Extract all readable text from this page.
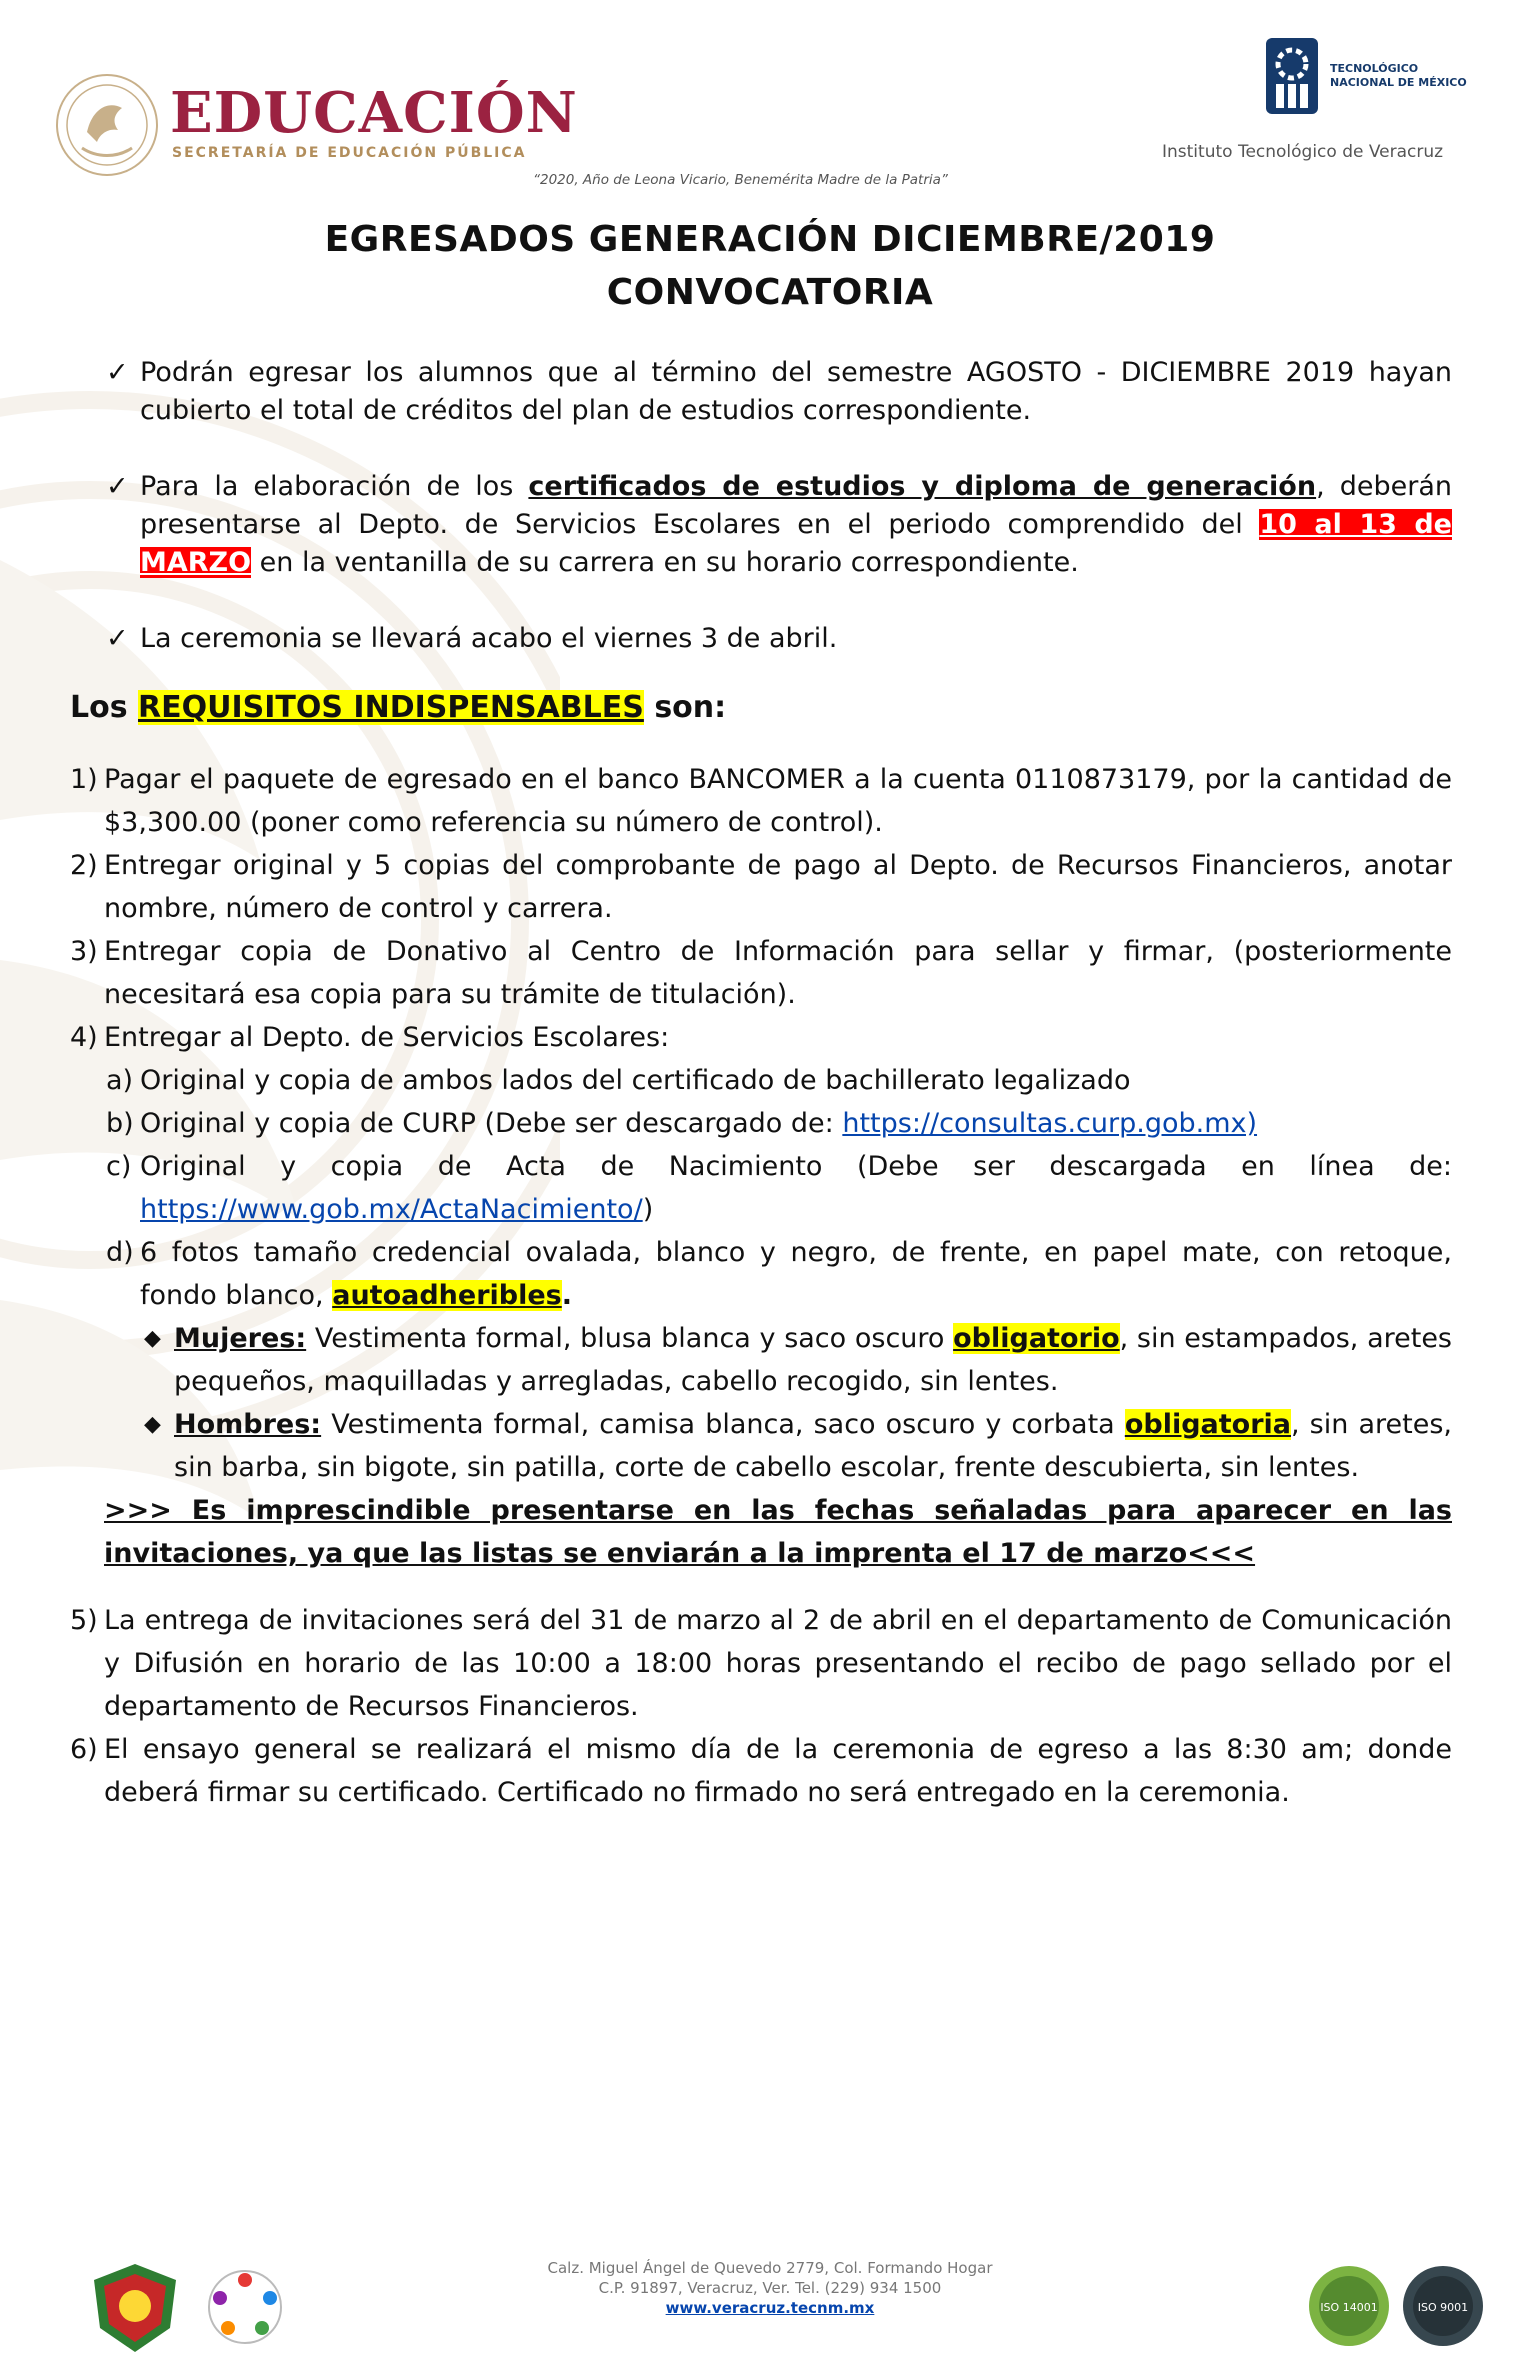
EDUCACIÓN
SECRETARÍA DE EDUCACIÓN PÚBLICA
“2020, Año de Leona Vicario, Benemérita Madre de la Patria”
TECNOLÓGICO
NACIONAL DE MÉXICO
Instituto Tecnológico de Veracruz
EGRESADOS GENERACIÓN DICIEMBRE/2019
CONVOCATORIA

✓ Podrán egresar los alumnos que al término del semestre AGOSTO - DICIEMBRE 2019 hayan cubierto el total de créditos del plan de estudios correspondiente.

✓ Para la elaboración de los certificados de estudios y diploma de generación, deberán presentarse al Depto. de Servicios Escolares en el periodo comprendido del 10 al 13 de MARZO en la ventanilla de su carrera en su horario correspondiente.

✓ La ceremonia se llevará acabo el viernes 3 de abril.

Los REQUISITOS INDISPENSABLES son:

1) Pagar el paquete de egresado en el banco BANCOMER a la cuenta 0110873179, por la cantidad de $3,300.00 (poner como referencia su número de control).
2) Entregar original y 5 copias del comprobante de pago al Depto. de Recursos Financieros, anotar nombre, número de control y carrera.
3) Entregar copia de Donativo al Centro de Información para sellar y firmar, (posteriormente necesitará esa copia para su trámite de titulación).
4) Entregar al Depto. de Servicios Escolares:
a) Original y copia de ambos lados del certificado de bachillerato legalizado
b) Original y copia de CURP (Debe ser descargado de: https://consultas.curp.gob.mx)
c) Original y copia de Acta de Nacimiento (Debe ser descargada en línea de: https://www.gob.mx/ActaNacimiento/)
d) 6 fotos tamaño credencial ovalada, blanco y negro, de frente, en papel mate, con retoque, fondo blanco, autoadheribles.
◆ Mujeres: Vestimenta formal, blusa blanca y saco oscuro obligatorio, sin estampados, aretes pequeños, maquilladas y arregladas, cabello recogido, sin lentes.
◆ Hombres: Vestimenta formal, camisa blanca, saco oscuro y corbata obligatoria, sin aretes, sin barba, sin bigote, sin patilla, corte de cabello escolar, frente descubierta, sin lentes.
>>> Es imprescindible presentarse en las fechas señaladas para aparecer en las invitaciones, ya que las listas se enviarán a la imprenta el 17 de marzo<<<
5) La entrega de invitaciones será del 31 de marzo al 2 de abril en el departamento de Comunicación y Difusión en horario de las 10:00 a 18:00 horas presentando el recibo de pago sellado por el departamento de Recursos Financieros.
6) El ensayo general se realizará el mismo día de la ceremonia de egreso a las 8:30 am; donde deberá firmar su certificado. Certificado no firmado no será entregado en la ceremonia.
Calz. Miguel Ángel de Quevedo 2779, Col. Formando Hogar
C.P. 91897, Veracruz, Ver. Tel. (229) 934 1500
www.veracruz.tecnm.mx	ISO 14001	ISO 9001
